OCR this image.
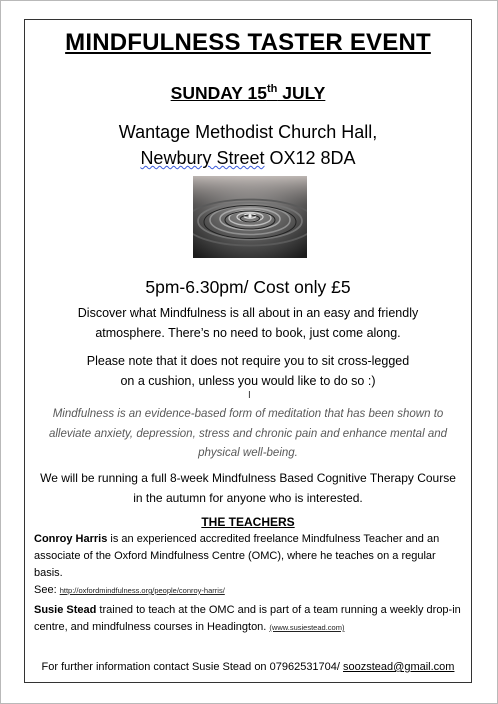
MINDFULNESS TASTER EVENT
SUNDAY 15th JULY
Wantage Methodist Church Hall,
Newbury Street OX12 8DA
5pm-6.30pm/ Cost only £5
Discover what Mindfulness is all about in an easy and friendly
atmosphere. There’s no need to book, just come along.
Please note that it does not require you to sit cross-legged
on a cushion, unless you would like to do so :)
I
Mindfulness is an evidence-based form of meditation that has been shown to
alleviate anxiety, depression, stress and chronic pain and enhance mental and
physical well-being.
We will be running a full 8-week Mindfulness Based Cognitive Therapy Course
in the autumn for anyone who is interested.
THE TEACHERS
Conroy Harris is an experienced accredited freelance Mindfulness Teacher and an
associate of the Oxford Mindfulness Centre (OMC), where he teaches on a regular basis.
See: http://oxfordmindfulness.org/people/conroy-harris/
Susie Stead trained to teach at the OMC and is part of a team running a weekly drop-in
centre, and mindfulness courses in Headington. (www.susiestead.com)
For further information contact Susie Stead on 07962531704/ soozstead@gmail.com
